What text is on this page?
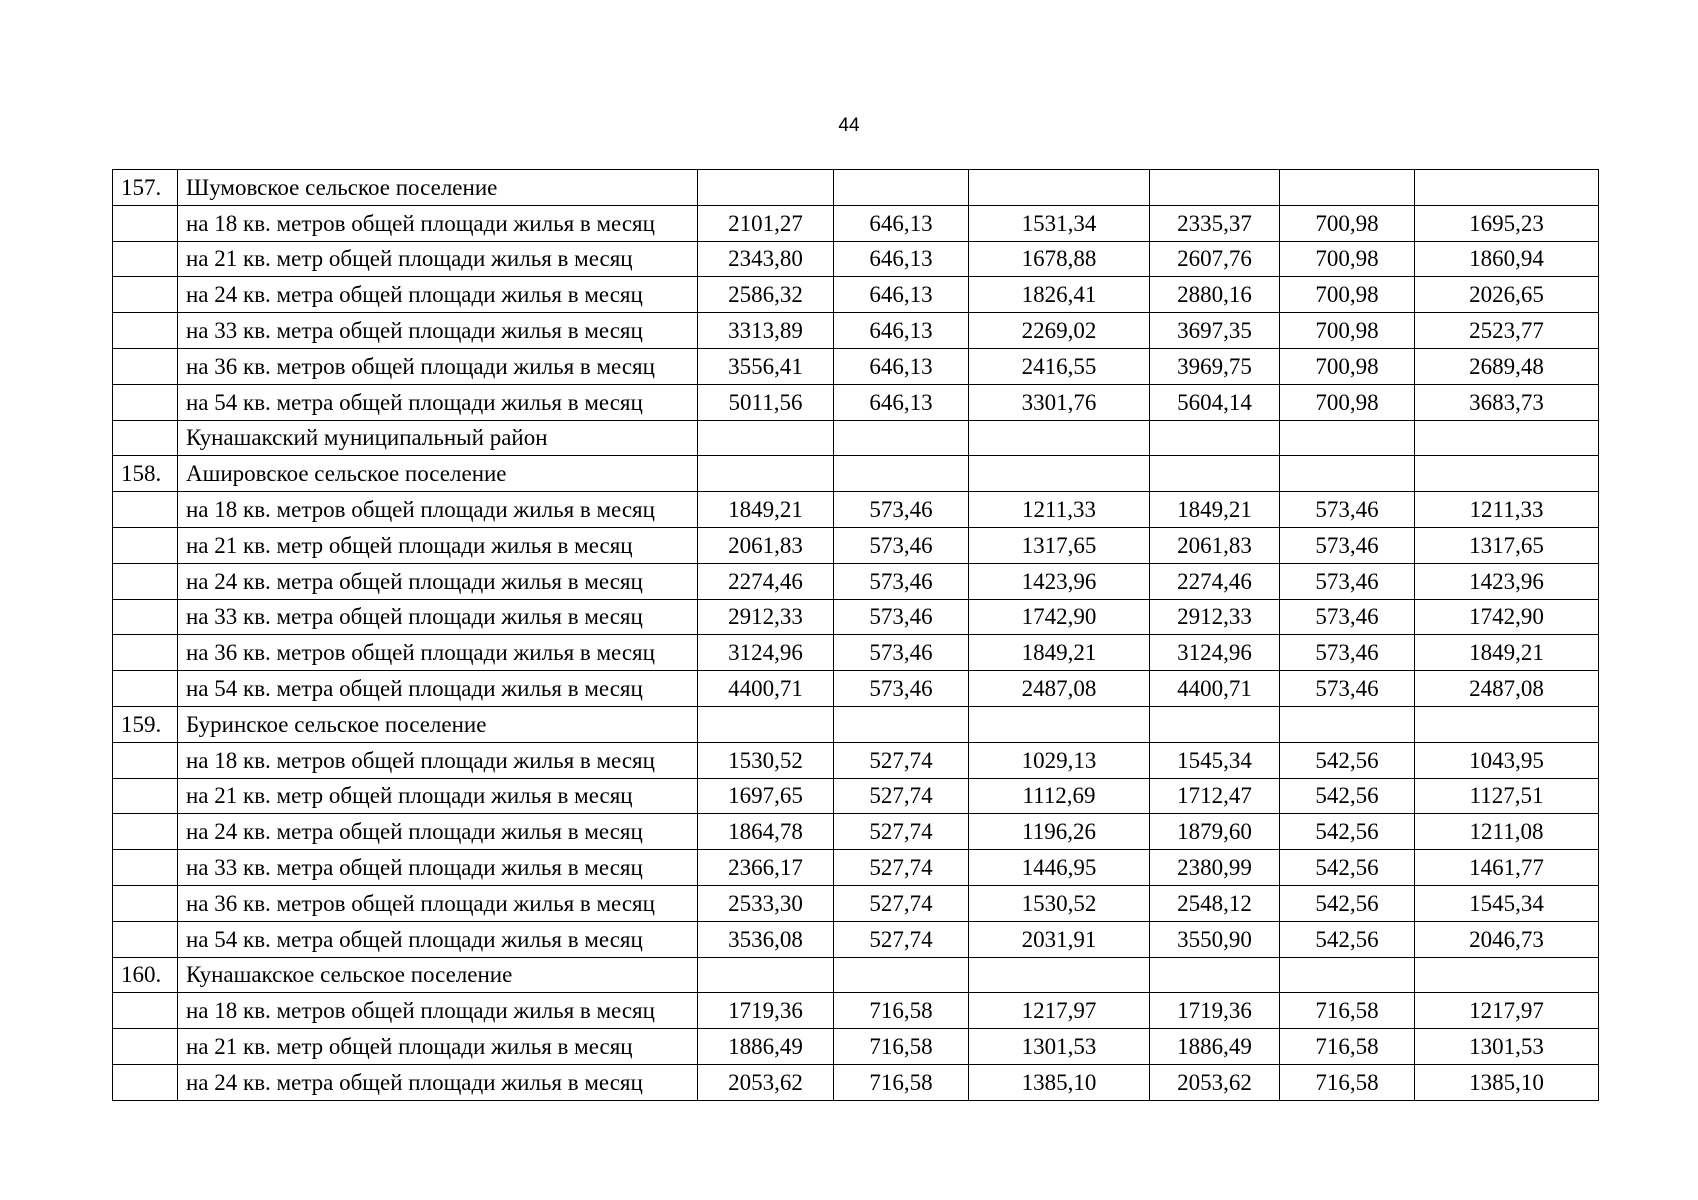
44
157.	Шумовское сельское поселение						
	на 18 кв. метров общей площади жилья в месяц	2101,27	646,13	1531,34	2335,37	700,98	1695,23
	на 21 кв. метр общей площади жилья в месяц	2343,80	646,13	1678,88	2607,76	700,98	1860,94
	на 24 кв. метра общей площади жилья в месяц	2586,32	646,13	1826,41	2880,16	700,98	2026,65
	на 33 кв. метра общей площади жилья в месяц	3313,89	646,13	2269,02	3697,35	700,98	2523,77
	на 36 кв. метров общей площади жилья в месяц	3556,41	646,13	2416,55	3969,75	700,98	2689,48
	на 54 кв. метра общей площади жилья в месяц	5011,56	646,13	3301,76	5604,14	700,98	3683,73
	Кунашакский муниципальный район						
158.	Ашировское сельское поселение						
	на 18 кв. метров общей площади жилья в месяц	1849,21	573,46	1211,33	1849,21	573,46	1211,33
	на 21 кв. метр общей площади жилья в месяц	2061,83	573,46	1317,65	2061,83	573,46	1317,65
	на 24 кв. метра общей площади жилья в месяц	2274,46	573,46	1423,96	2274,46	573,46	1423,96
	на 33 кв. метра общей площади жилья в месяц	2912,33	573,46	1742,90	2912,33	573,46	1742,90
	на 36 кв. метров общей площади жилья в месяц	3124,96	573,46	1849,21	3124,96	573,46	1849,21
	на 54 кв. метра общей площади жилья в месяц	4400,71	573,46	2487,08	4400,71	573,46	2487,08
159.	Буринское сельское поселение						
	на 18 кв. метров общей площади жилья в месяц	1530,52	527,74	1029,13	1545,34	542,56	1043,95
	на 21 кв. метр общей площади жилья в месяц	1697,65	527,74	1112,69	1712,47	542,56	1127,51
	на 24 кв. метра общей площади жилья в месяц	1864,78	527,74	1196,26	1879,60	542,56	1211,08
	на 33 кв. метра общей площади жилья в месяц	2366,17	527,74	1446,95	2380,99	542,56	1461,77
	на 36 кв. метров общей площади жилья в месяц	2533,30	527,74	1530,52	2548,12	542,56	1545,34
	на 54 кв. метра общей площади жилья в месяц	3536,08	527,74	2031,91	3550,90	542,56	2046,73
160.	Кунашакское сельское поселение						
	на 18 кв. метров общей площади жилья в месяц	1719,36	716,58	1217,97	1719,36	716,58	1217,97
	на 21 кв. метр общей площади жилья в месяц	1886,49	716,58	1301,53	1886,49	716,58	1301,53
	на 24 кв. метра общей площади жилья в месяц	2053,62	716,58	1385,10	2053,62	716,58	1385,10
